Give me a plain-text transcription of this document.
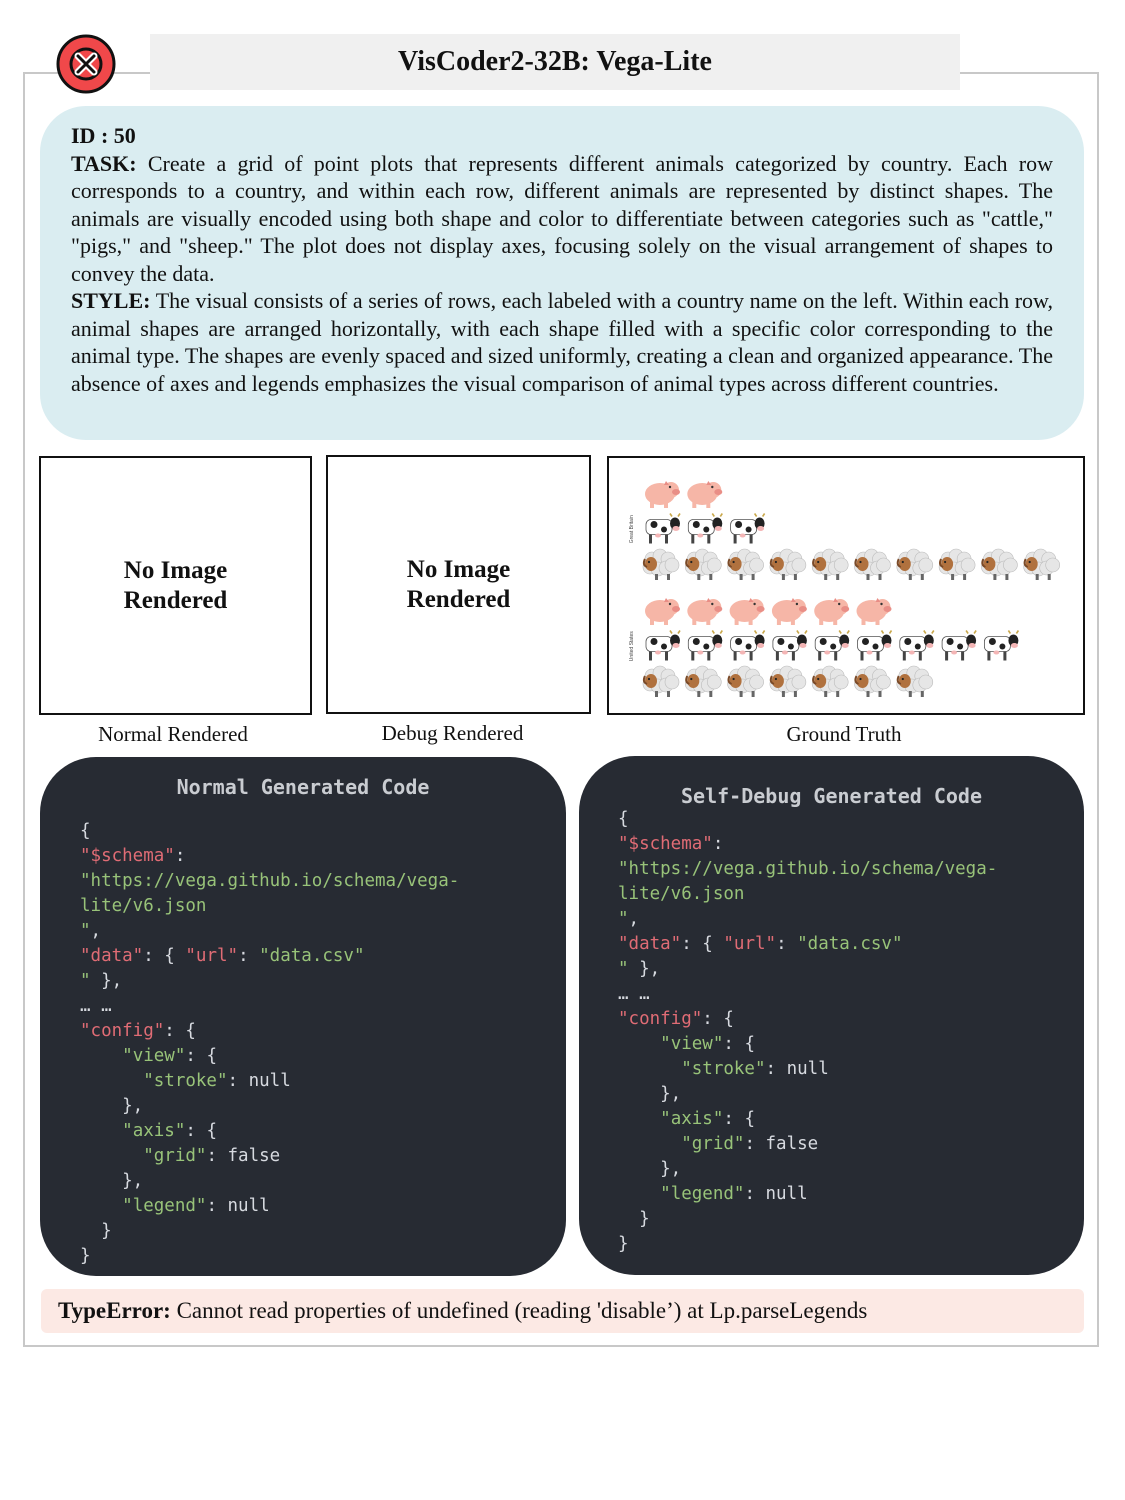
VisCoder2-32B: Vega-Lite

ID : 50

TASK: Create a grid of point plots that represents different animals categorized by country. Each row corresponds to a country, and within each row, different animals are represented by distinct shapes. The animals are visually encoded using both shape and color to differentiate between categories such as "cattle," "pigs," and "sheep." The plot does not display axes, focusing solely on the visual arrangement of shapes to convey the data.

STYLE: The visual consists of a series of rows, each labeled with a country name on the left. Within each row, animal shapes are arranged horizontally, with each shape filled with a specific color corresponding to the animal type. The shapes are evenly spaced and sized uniformly, creating a clean and organized appearance. The absence of axes and legends emphasizes the visual comparison of animal types across different countries.

No Image
Rendered
Normal Rendered
No Image
Rendered
Debug Rendered
Great Britain
United States
Ground Truth
Normal Generated Code
{
"$schema":
"https://vega.github.io/schema/vega-
lite/v6.json
",
"data": { "url": "data.csv"
" },
… …
"config": {
"view": {
"stroke": null
},
"axis": {
"grid": false
},
"legend": null
}
}
Self-Debug Generated Code
{
"$schema":
"https://vega.github.io/schema/vega-
lite/v6.json
",
"data": { "url": "data.csv"
" },
… …
"config": {
"view": {
"stroke": null
},
"axis": {
"grid": false
},
"legend": null
}
}
TypeError: Cannot read properties of undefined (reading 'disable’) at Lp.parseLegends
